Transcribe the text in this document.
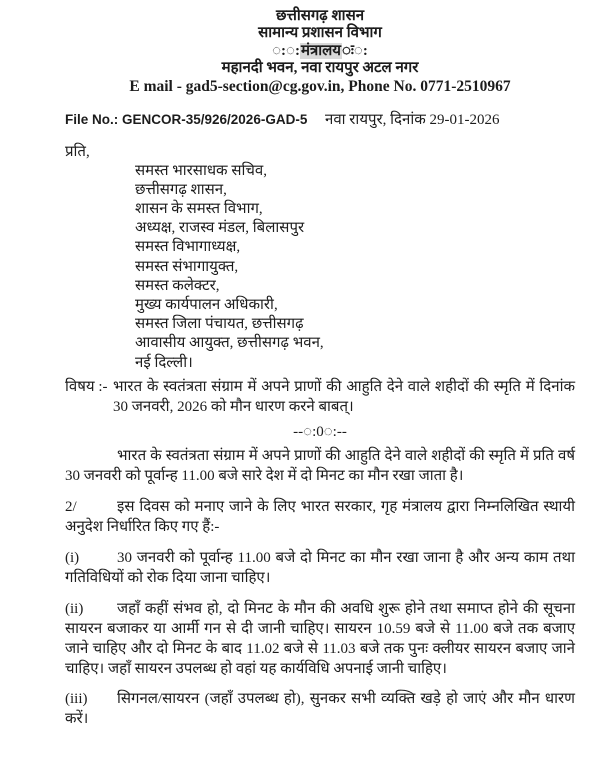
छत्तीसगढ़ शासन
सामान्य प्रशासन विभाग
◌:◌:मंत्रालयः◌:
महानदी भवन, नवा रायपुर अटल नगर
E mail - gad5-section@cg.gov.in, Phone No. 0771-2510967
File No.: GENCOR-35/926/2026-GAD-5 नवा रायपुर, दिनांक 29-01-2026
प्रति,
समस्त भारसाधक सचिव,
छत्तीसगढ़ शासन,
शासन के समस्त विभाग,
अध्यक्ष, राजस्व मंडल, बिलासपुर
समस्त विभागाध्यक्ष,
समस्त संभागायुक्त,
समस्त कलेक्टर,
मुख्य कार्यपालन अधिकारी,
समस्त जिला पंचायत, छत्तीसगढ़
आवासीय आयुक्त, छत्तीसगढ़ भवन,
नई दिल्ली।
विषय :- भारत के स्वतंत्रता संग्राम में अपने प्राणों की आहुति देने वाले शहीदों की स्मृति में दिनांक 30 जनवरी, 2026 को मौन धारण करने बाबत्।
--◌:0◌:--
भारत के स्वतंत्रता संग्राम में अपने प्राणों की आहुति देने वाले शहीदों की स्मृति में प्रति वर्ष 30 जनवरी को पूर्वान्ह 11.00 बजे सारे देश में दो मिनट का मौन रखा जाता है।
2/	इस दिवस को मनाए जाने के लिए भारत सरकार, गृह मंत्रालय द्वारा निम्नलिखित स्थायी अनुदेश निर्धारित किए गए हैं:-
(i)	30 जनवरी को पूर्वान्ह 11.00 बजे दो मिनट का मौन रखा जाना है और अन्य काम तथा गतिविधियों को रोक दिया जाना चाहिए।
(ii) जहाँ कहीं संभव हो, दो मिनट के मौन की अवधि शुरू होने तथा समाप्त होने की सूचना सायरन बजाकर या आर्मी गन से दी जानी चाहिए। सायरन 10.59 बजे से 11.00 बजे तक बजाए जाने चाहिए और दो मिनट के बाद 11.02 बजे से 11.03 बजे तक पुनः क्लीयर सायरन बजाए जाने चाहिए। जहाँ सायरन उपलब्ध हो वहां यह कार्यविधि अपनाई जानी चाहिए।
(iii) सिगनल/सायरन (जहाँ उपलब्ध हो), सुनकर सभी व्यक्ति खड़े हो जाएं और मौन धारण करें।
